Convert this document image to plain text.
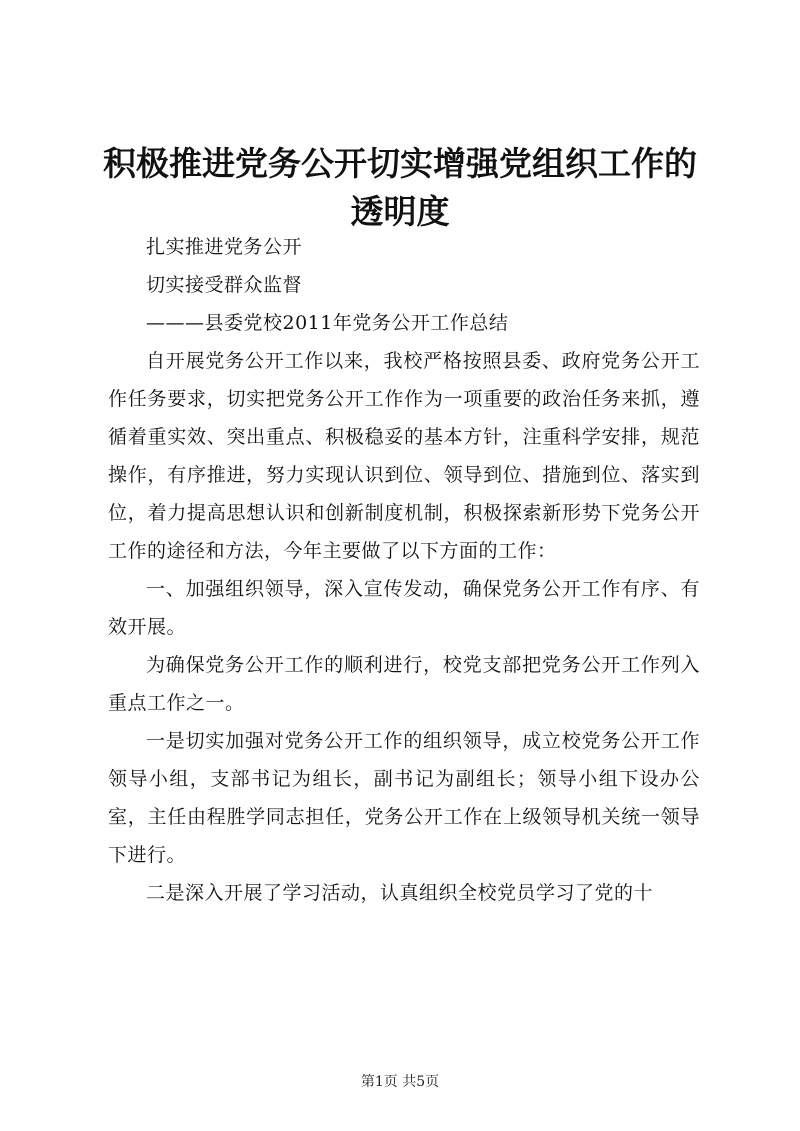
积极推进党务公开切实增强党组织工作的透明度

扎实推进党务公开

切实接受群众监督

———县委党校2011年党务公开工作总结

自开展党务公开工作以来，我校严格按照县委、政府党务公开工作任务要求，切实把党务公开工作作为一项重要的政治任务来抓，遵循着重实效、突出重点、积极稳妥的基本方针，注重科学安排，规范操作，有序推进，努力实现认识到位、领导到位、措施到位、落实到位，着力提高思想认识和创新制度机制，积极探索新形势下党务公开工作的途径和方法，今年主要做了以下方面的工作：

一、加强组织领导，深入宣传发动，确保党务公开工作有序、有效开展。

为确保党务公开工作的顺利进行，校党支部把党务公开工作列入重点工作之一。

一是切实加强对党务公开工作的组织领导，成立校党务公开工作领导小组，支部书记为组长，副书记为副组长；领导小组下设办公室，主任由程胜学同志担任，党务公开工作在上级领导机关统一领导下进行。

二是深入开展了学习活动，认真组织全校党员学习了党的十

第1页 共5页
